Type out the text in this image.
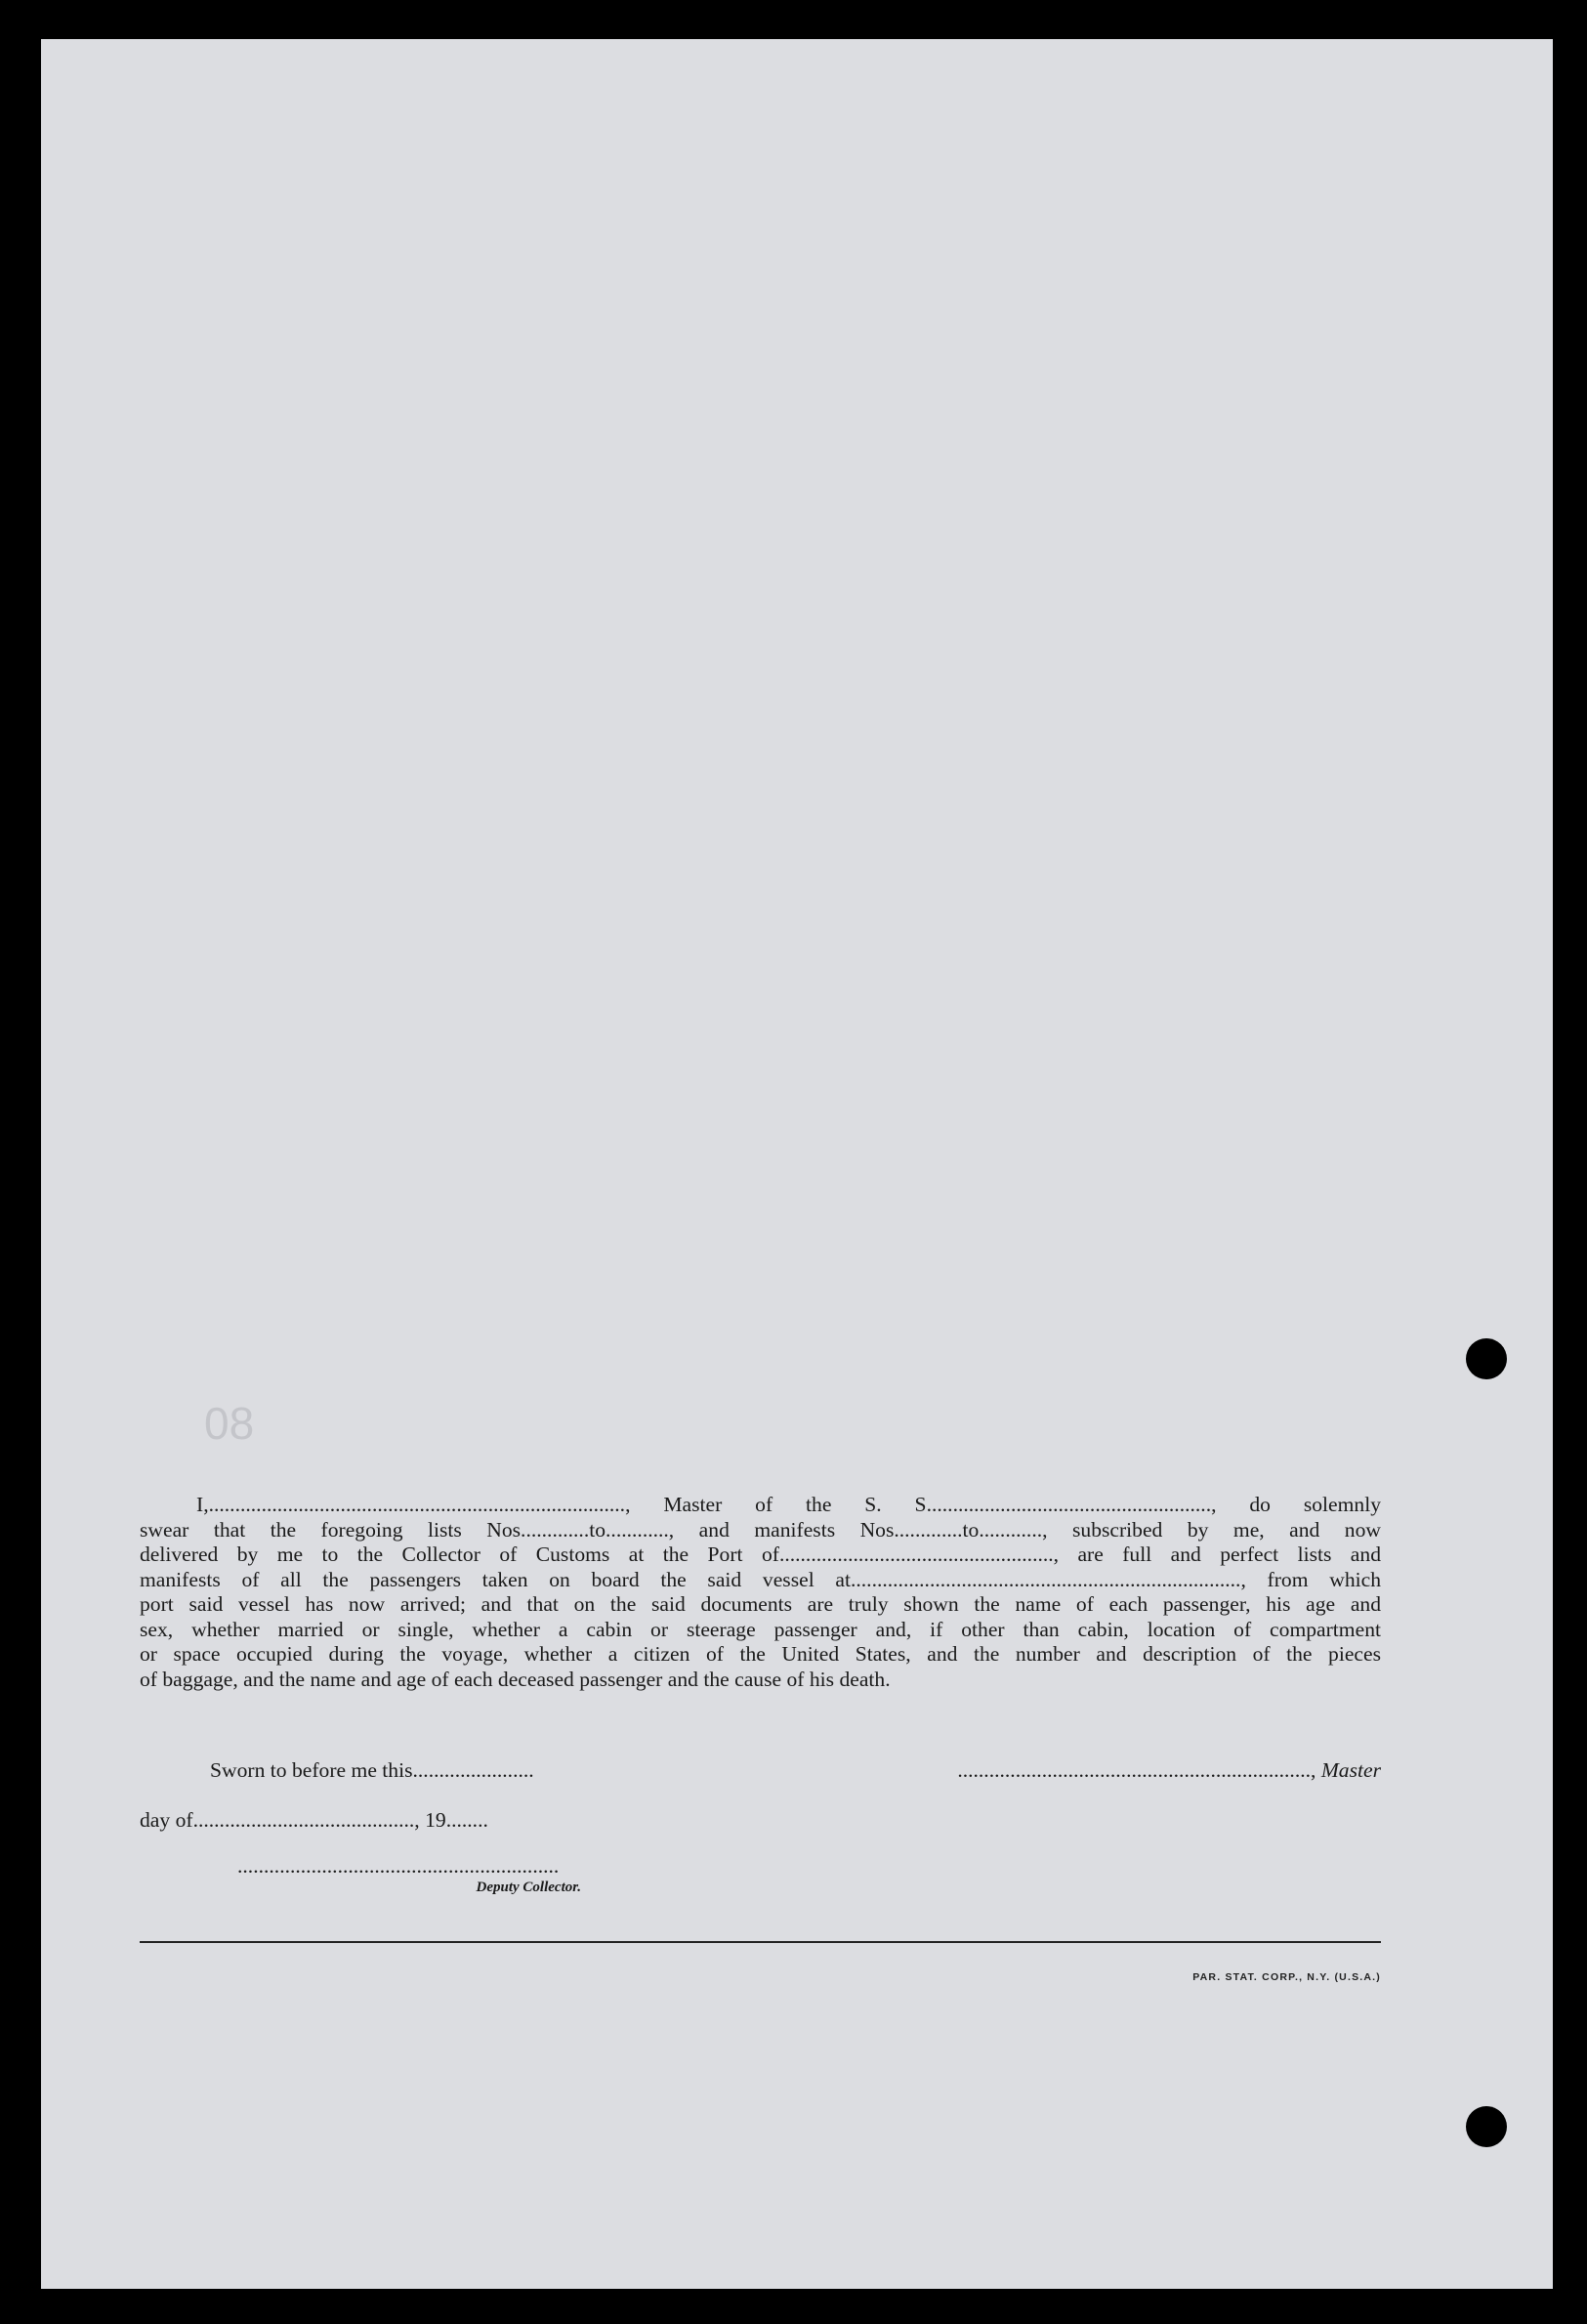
08
I,..............................................................................., Master of the S. S......................................................, do solemnly
swear that the foregoing lists Nos.............to............, and manifests Nos.............to............, subscribed by me, and now
delivered by me to the Collector of Customs at the Port of...................................................., are full and perfect lists and
manifests of all the passengers taken on board the said vessel at.........................................................................., from which
port said vessel has now arrived; and that on the said documents are truly shown the name of each passenger, his age and
sex, whether married or single, whether a cabin or steerage passenger and, if other than cabin, location of compartment
or space occupied during the voyage, whether a citizen of the United States, and the number and description of the pieces
of baggage, and the name and age of each deceased passenger and the cause of his death.
Sworn to before me this.......................	..................................................................., Master
day of.........................................., 19........
.............................................................
Deputy Collector.
PAR. STAT. CORP., N.Y. (U.S.A.)
